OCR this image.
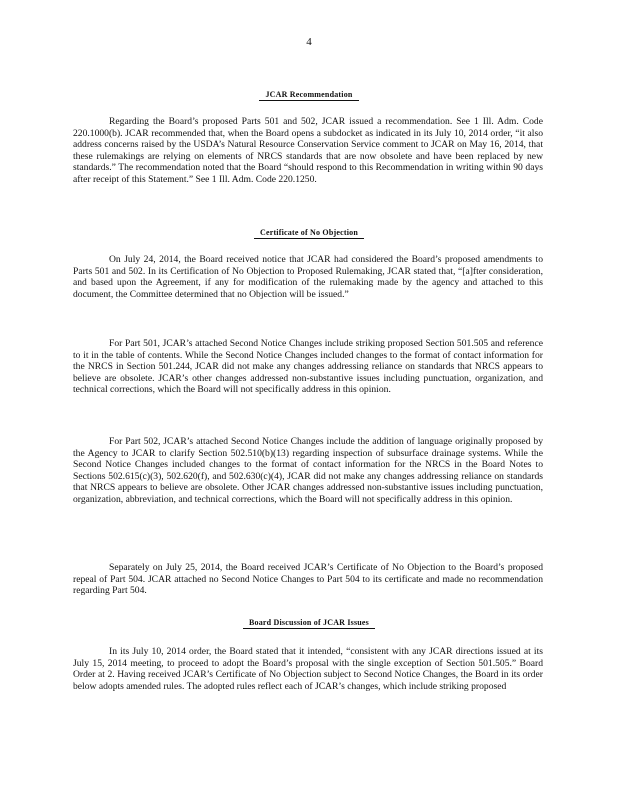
4
JCAR Recommendation

Regarding the Board’s proposed Parts 501 and 502, JCAR issued a recommendation. See 1 Ill. Adm. Code 220.1000(b). JCAR recommended that, when the Board opens a subdocket as indicated in its July 10, 2014 order, “it also address concerns raised by the USDA’s Natural Resource Conservation Service comment to JCAR on May 16, 2014, that these rulemakings are relying on elements of NRCS standards that are now obsolete and have been replaced by new standards.” The recommendation noted that the Board “should respond to this Recommendation in writing within 90 days after receipt of this Statement.” See 1 Ill. Adm. Code 220.1250.

Certificate of No Objection

On July 24, 2014, the Board received notice that JCAR had considered the Board’s proposed amendments to Parts 501 and 502. In its Certification of No Objection to Proposed Rulemaking, JCAR stated that, “[a]fter consideration, and based upon the Agreement, if any for modification of the rulemaking made by the agency and attached to this document, the Committee determined that no Objection will be issued.”

For Part 501, JCAR’s attached Second Notice Changes include striking proposed Section 501.505 and reference to it in the table of contents. While the Second Notice Changes included changes to the format of contact information for the NRCS in Section 501.244, JCAR did not make any changes addressing reliance on standards that NRCS appears to believe are obsolete. JCAR’s other changes addressed non-substantive issues including punctuation, organization, and technical corrections, which the Board will not specifically address in this opinion.

For Part 502, JCAR’s attached Second Notice Changes include the addition of language originally proposed by the Agency to JCAR to clarify Section 502.510(b)(13) regarding inspection of subsurface drainage systems. While the Second Notice Changes included changes to the format of contact information for the NRCS in the Board Notes to Sections 502.615(c)(3), 502.620(f), and 502.630(c)(4), JCAR did not make any changes addressing reliance on standards that NRCS appears to believe are obsolete. Other JCAR changes addressed non-substantive issues including punctuation, organization, abbreviation, and technical corrections, which the Board will not specifically address in this opinion.

Separately on July 25, 2014, the Board received JCAR’s Certificate of No Objection to the Board’s proposed repeal of Part 504. JCAR attached no Second Notice Changes to Part 504 to its certificate and made no recommendation regarding Part 504.

Board Discussion of JCAR Issues

In its July 10, 2014 order, the Board stated that it intended, “consistent with any JCAR directions issued at its July 15, 2014 meeting, to proceed to adopt the Board’s proposal with the single exception of Section 501.505.” Board Order at 2. Having received JCAR’s Certificate of No Objection subject to Second Notice Changes, the Board in its order below adopts amended rules. The adopted rules reflect each of JCAR’s changes, which include striking proposed
